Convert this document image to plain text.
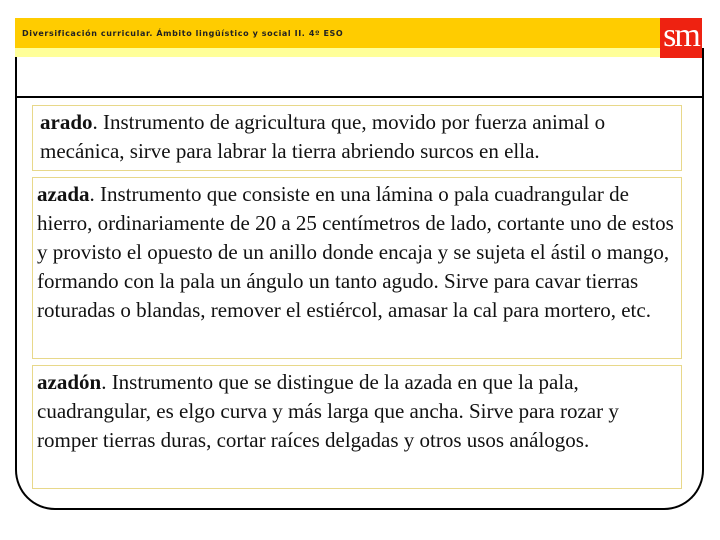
Diversificación curricular. Ámbito lingüístico y social II. 4º ESO	sm
arado. Instrumento de agricultura que, movido por fuerza animal o mecánica, sirve para labrar la tierra abriendo surcos en ella.
azada. Instrumento que consiste en una lámina o pala cuadrangular de hierro, ordinariamente de 20 a 25 centímetros de lado, cortante uno de estos y provisto el opuesto de un anillo donde encaja y se sujeta el ástil o mango, formando con la pala un ángulo un tanto agudo. Sirve para cavar tierras roturadas o blandas, remover el estiércol, amasar la cal para mortero, etc.
azadón. Instrumento que se distingue de la azada en que la pala, cuadrangular, es elgo curva y más larga que ancha. Sirve para rozar y romper tierras duras, cortar raíces delgadas y otros usos análogos.
